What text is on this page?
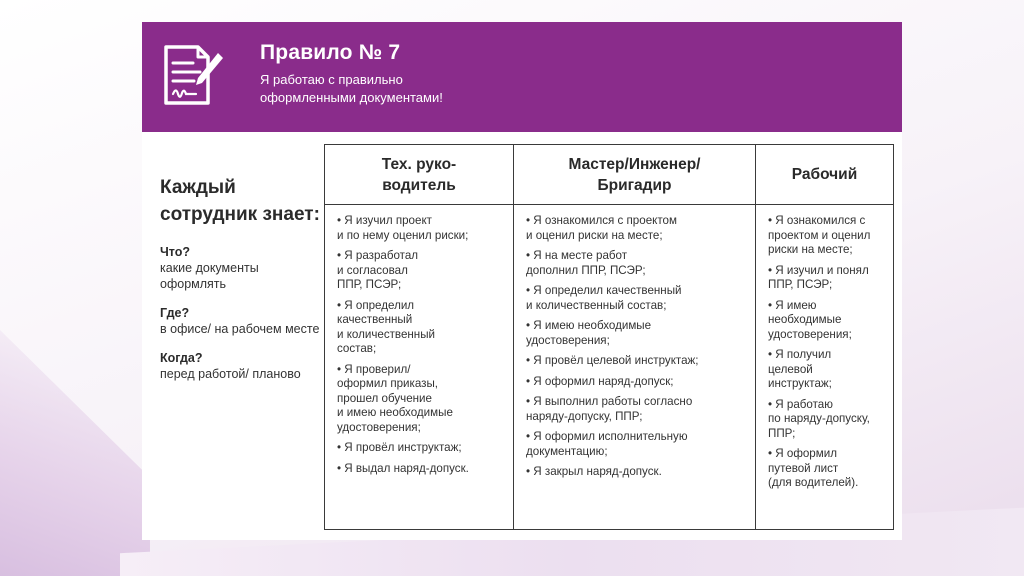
Правило № 7
Я работаю с правильно
оформленными документами!
Каждый сотрудник знает:
Что?
какие документы оформлять
Где?
в офисе/ на рабочем месте
Когда?
перед работой/ планово
Тех. руко-
водитель
• Я изучил проект
и по нему оценил риски;
• Я разработал
и согласовал
ППР, ПСЭР;
• Я определил
качественный
и количественный
состав;
• Я проверил/
оформил приказы,
прошел обучение
и имею необходимые
удостоверения;
• Я провёл инструктаж;
• Я выдал наряд-допуск.
Мастер/Инженер/
Бригадир
• Я ознакомился с проектом
и оценил риски на месте;
• Я на месте работ
дополнил ППР, ПСЭР;
• Я определил качественный
и количественный состав;
• Я имею необходимые
удостоверения;
• Я провёл целевой инструктаж;
• Я оформил наряд-допуск;
• Я выполнил работы согласно
наряду-допуску, ППР;
• Я оформил исполнительную
документацию;
• Я закрыл наряд-допуск.
Рабочий
• Я ознакомился с
проектом и оценил
риски на месте;
• Я изучил и понял
ППР, ПСЭР;
• Я имею
необходимые
удостоверения;
• Я получил
целевой
инструктаж;
• Я работаю
по наряду-допуску,
ППР;
• Я оформил
путевой лист
(для водителей).
